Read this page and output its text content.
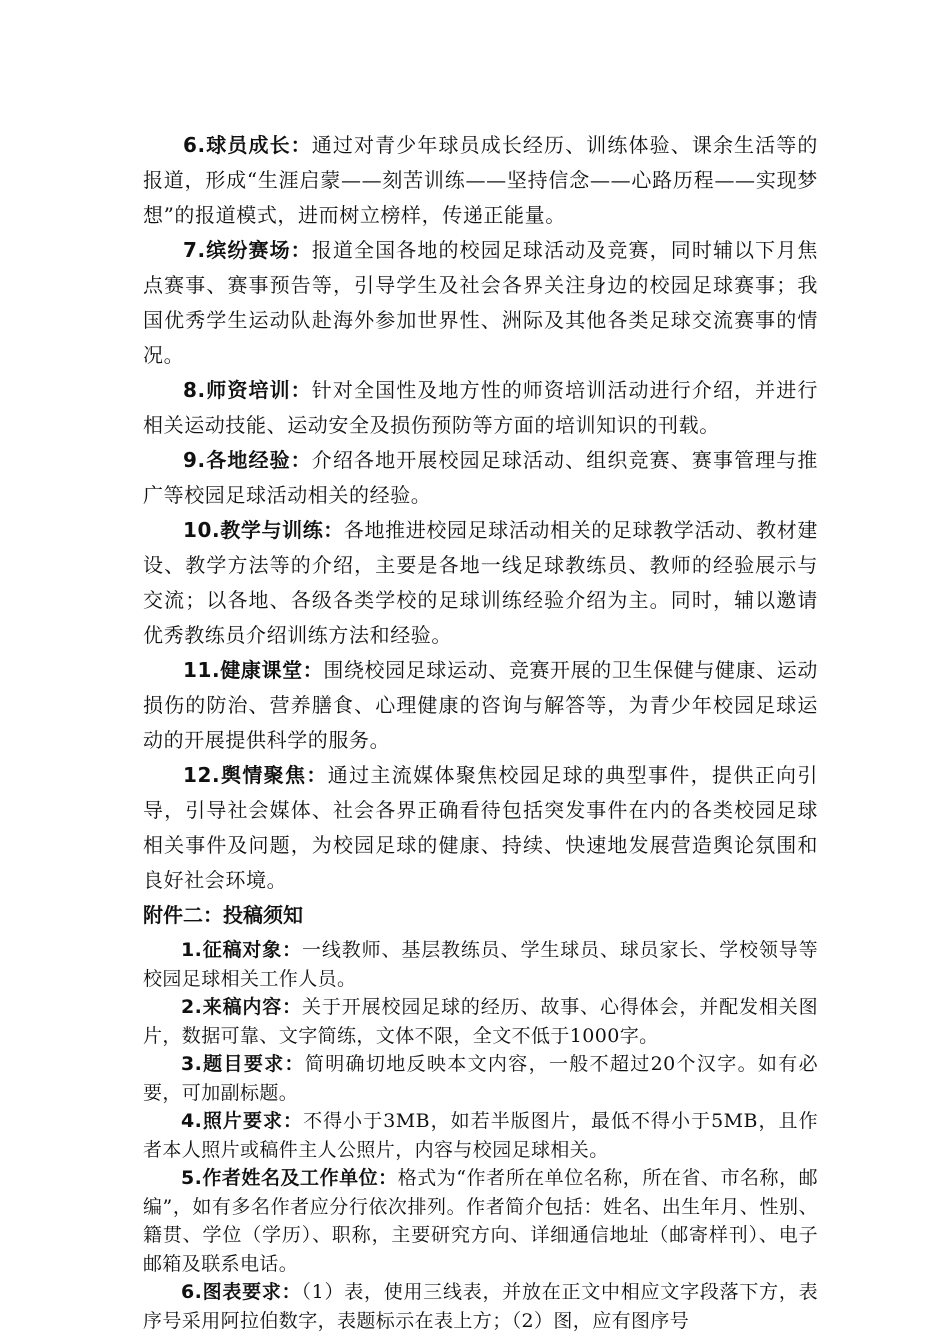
6.球员成长：通过对青少年球员成长经历、训练体验、课余生活等的报道，形成“生涯启蒙——刻苦训练——坚持信念——心路历程——实现梦想”的报道模式，进而树立榜样，传递正能量。

7.缤纷赛场：报道全国各地的校园足球活动及竞赛，同时辅以下月焦点赛事、赛事预告等，引导学生及社会各界关注身边的校园足球赛事；我国优秀学生运动队赴海外参加世界性、洲际及其他各类足球交流赛事的情况。

8.师资培训：针对全国性及地方性的师资培训活动进行介绍，并进行相关运动技能、运动安全及损伤预防等方面的培训知识的刊载。

9.各地经验：介绍各地开展校园足球活动、组织竞赛、赛事管理与推广等校园足球活动相关的经验。

10.教学与训练：各地推进校园足球活动相关的足球教学活动、教材建设、教学方法等的介绍，主要是各地一线足球教练员、教师的经验展示与交流；以各地、各级各类学校的足球训练经验介绍为主。同时，辅以邀请优秀教练员介绍训练方法和经验。

11.健康课堂：围绕校园足球运动、竞赛开展的卫生保健与健康、运动损伤的防治、营养膳食、心理健康的咨询与解答等，为青少年校园足球运动的开展提供科学的服务。

12.舆情聚焦：通过主流媒体聚焦校园足球的典型事件，提供正向引导，引导社会媒体、社会各界正确看待包括突发事件在内的各类校园足球相关事件及问题，为校园足球的健康、持续、快速地发展营造舆论氛围和良好社会环境。

附件二：投稿须知

1.征稿对象：一线教师、基层教练员、学生球员、球员家长、学校领导等校园足球相关工作人员。

2.来稿内容：关于开展校园足球的经历、故事、心得体会，并配发相关图片，数据可靠、文字简练，文体不限，全文不低于1000字。

3.题目要求：简明确切地反映本文内容，一般不超过20个汉字。如有必要，可加副标题。

4.照片要求：不得小于3MB，如若半版图片，最低不得小于5MB，且作者本人照片或稿件主人公照片，内容与校园足球相关。

5.作者姓名及工作单位：格式为“作者所在单位名称，所在省、市名称，邮编”，如有多名作者应分行依次排列。作者简介包括：姓名、出生年月、性别、籍贯、学位（学历）、职称，主要研究方向、详细通信地址（邮寄样刊）、电子邮箱及联系电话。

6.图表要求：（1）表，使用三线表，并放在正文中相应文字段落下方，表序号采用阿拉伯数字，表题标示在表上方；（2）图，应有图序号
